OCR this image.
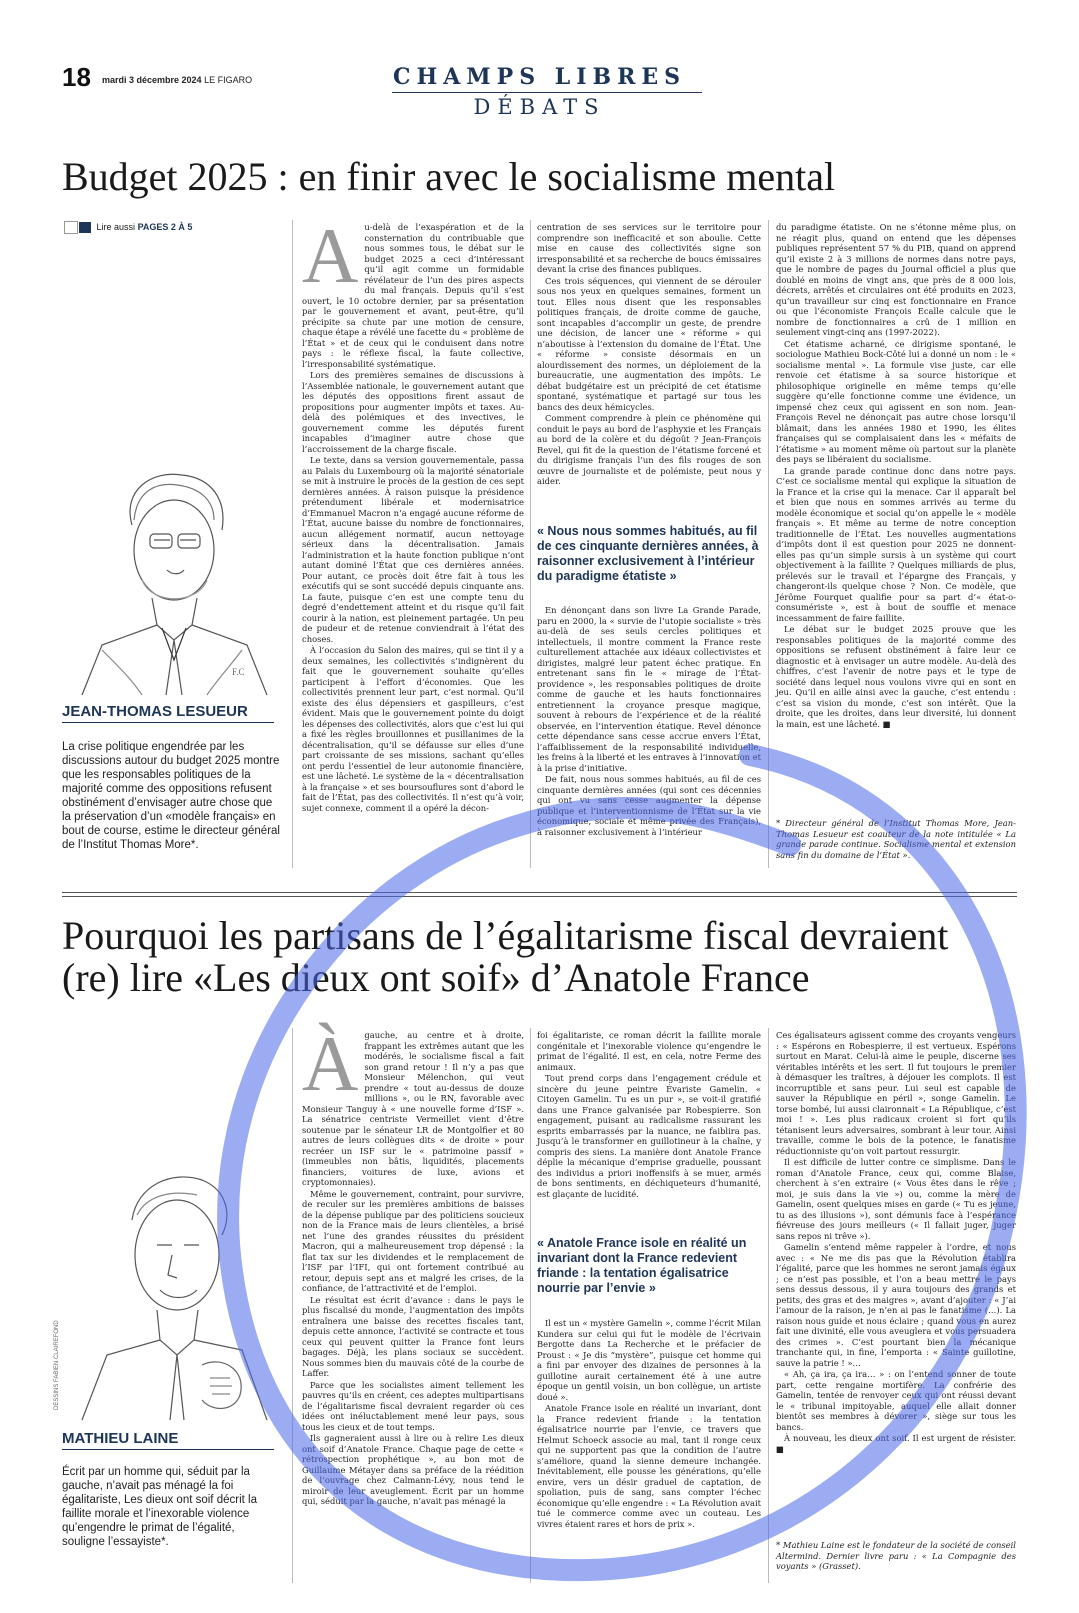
18 mardi 3 décembre 2024 LE FIGARO	CHAMPS LIBRES
DÉBATS
Budget 2025 : en finir avec le socialisme mental
Lire aussi PAGES 2 À 5
F.C
JEAN-THOMAS LESUEUR
La crise politique engendrée par les discussions autour du budget 2025 montre que les responsables politiques de la majorité comme des oppositions refusent obstinément d’envisager autre chose que la préservation d’un «modèle français» en bout de course, estime le directeur général de l’Institut Thomas More*.
A u-delà de l’exaspération et de la consternation du contribuable que nous sommes tous, le débat sur le budget 2025 a ceci d’intéressant qu’il agit comme un formidable révélateur de l’un des pires aspects du mal français. Depuis qu’il s’est ouvert, le 10 octobre dernier, par sa présentation par le gouvernement et avant, peut-être, qu’il précipite sa chute par une motion de censure, chaque étape a révélé une facette du « problème de l’État » et de ceux qui le conduisent dans notre pays : le réflexe fiscal, la faute collective, l’irresponsabilité systématique.

Lors des premières semaines de discussions à l’Assemblée nationale, le gouvernement autant que les députés des oppositions firent assaut de propositions pour augmenter impôts et taxes. Au-delà des polémiques et des invectives, le gouvernement comme les députés furent incapables d’imaginer autre chose que l’accroissement de la charge fiscale.

Le texte, dans sa version gouvernementale, passa au Palais du Luxembourg où la majorité sénatoriale se mit à instruire le procès de la gestion de ces sept dernières années. À raison puisque la présidence prétendument libérale et modernisatrice d’Emmanuel Macron n’a engagé aucune réforme de l’État, aucune baisse du nombre de fonctionnaires, aucun allégement normatif, aucun nettoyage sérieux dans la décentralisation. Jamais l’administration et la haute fonction publique n’ont autant dominé l’État que ces dernières années. Pour autant, ce procès doit être fait à tous les exécutifs qui se sont succédé depuis cinquante ans. La faute, puisque c’en est une compte tenu du degré d’endettement atteint et du risque qu’il fait courir à la nation, est pleinement partagée. Un peu de pudeur et de retenue conviendrait à l’état des choses.

À l’occasion du Salon des maires, qui se tint il y a deux semaines, les collectivités s’indignèrent du fait que le gouvernement souhaite qu’elles participent à l’effort d’économies. Que les collectivités prennent leur part, c’est normal. Qu’il existe des élus dépensiers et gaspilleurs, c’est évident. Mais que le gouvernement pointe du doigt les dépenses des collectivités, alors que c’est lui qui a fixé les règles brouillonnes et pusillanimes de la décentralisation, qu’il se défausse sur elles d’une part croissante de ses missions, sachant qu’elles ont perdu l’essentiel de leur autonomie financière, est une lâcheté. Le système de la « décentralisation à la française » et ses boursouflures sont d’abord le fait de l’État, pas des collectivités. Il n’est qu’à voir, sujet connexe, comment il a opéré la décon-

centration de ses services sur le territoire pour comprendre son inefficacité et son aboulie. Cette mise en cause des collectivités signe son irresponsabilité et sa recherche de boucs émissaires devant la crise des finances publiques.

Ces trois séquences, qui viennent de se dérouler sous nos yeux en quelques semaines, forment un tout. Elles nous disent que les responsables politiques français, de droite comme de gauche, sont incapables d’accomplir un geste, de prendre une décision, de lancer une « réforme » qui n’aboutisse à l’extension du domaine de l’État. Une « réforme » consiste désormais en un alourdissement des normes, un déploiement de la bureaucratie, une augmentation des impôts. Le débat budgétaire est un précipité de cet étatisme spontané, systématique et partagé sur tous les bancs des deux hémicycles.

Comment comprendre à plein ce phénomène qui conduit le pays au bord de l’asphyxie et les Français au bord de la colère et du dégoût ? Jean-François Revel, qui fit de la question de l’étatisme forcené et du dirigisme français l’un des fils rouges de son œuvre de journaliste et de polémiste, peut nous y aider.

« Nous nous sommes habitués, au fil de ces cinquante dernières années, à raisonner exclusivement à l’intérieur du paradigme étatiste »

En dénonçant dans son livre La Grande Parade, paru en 2000, la « survie de l’utopie socialiste » très au-delà de ses seuls cercles politiques et intellectuels, il montre comment la France reste culturellement attachée aux idéaux collectivistes et dirigistes, malgré leur patent échec pratique. En entretenant sans fin le « mirage de l’État-providence », les responsables politiques de droite comme de gauche et les hauts fonctionnaires entretiennent la croyance presque magique, souvent à rebours de l’expérience et de la réalité observée, en l’intervention étatique. Revel dénonce cette dépendance sans cesse accrue envers l’État, l’affaiblissement de la responsabilité individuelle, les freins à la liberté et les entraves à l’innovation et à la prise d’initiative.

De fait, nous nous sommes habitués, au fil de ces cinquante dernières années (qui sont ces décennies qui ont vu sans cesse augmenter la dépense publique et l’interventionnisme de l’État sur la vie économique, sociale et même privée des Français), à raisonner exclusivement à l’intérieur

du paradigme étatiste. On ne s’étonne même plus, on ne réagit plus, quand on entend que les dépenses publiques représentent 57 % du PIB, quand on apprend qu’il existe 2 à 3 millions de normes dans notre pays, que le nombre de pages du Journal officiel a plus que doublé en moins de vingt ans, que près de 8 000 lois, décrets, arrêtés et circulaires ont été produits en 2023, qu’un travailleur sur cinq est fonctionnaire en France ou que l’économiste François Ecalle calcule que le nombre de fonctionnaires a crû de 1 million en seulement vingt-cinq ans (1997-2022).

Cet étatisme acharné, ce dirigisme spontané, le sociologue Mathieu Bock-Côté lui a donné un nom : le « socialisme mental ». La formule vise juste, car elle renvoie cet étatisme à sa source historique et philosophique originelle en même temps qu’elle suggère qu’elle fonctionne comme une évidence, un impensé chez ceux qui agissent en son nom. Jean-François Revel ne dénonçait pas autre chose lorsqu’il blâmait, dans les années 1980 et 1990, les élites françaises qui se complaisaient dans les « méfaits de l’étatisme » au moment même où partout sur la planète des pays se libéraient du socialisme.

La grande parade continue donc dans notre pays. C’est ce socialisme mental qui explique la situation de la France et la crise qui la menace. Car il apparaît bel et bien que nous en sommes arrivés au terme du modèle économique et social qu’on appelle le « modèle français ». Et même au terme de notre conception traditionnelle de l’État. Les nouvelles augmentations d’impôts dont il est question pour 2025 ne donnent-elles pas qu’un simple sursis à un système qui court objectivement à la faillite ? Quelques milliards de plus, prélevés sur le travail et l’épargne des Français, y changeront-ils quelque chose ? Non. Ce modèle, que Jérôme Fourquet qualifie pour sa part d’« état-o-consumériste », est à bout de souffle et menace incessamment de faire faillite.

Le débat sur le budget 2025 prouve que les responsables politiques de la majorité comme des oppositions se refusent obstinément à faire leur ce diagnostic et à envisager un autre modèle. Au-delà des chiffres, c’est l’avenir de notre pays et le type de société dans lequel nous voulons vivre qui en sont en jeu. Qu’il en aille ainsi avec la gauche, c’est entendu : c’est sa vision du monde, c’est son intérêt. Que la droite, que les droites, dans leur diversité, lui donnent la main, est une lâcheté. ■

* Directeur général de l’Institut Thomas More, Jean-Thomas Lesueur est coauteur de la note intitulée « La grande parade continue. Socialisme mental et extension sans fin du domaine de l’État ».
Pourquoi les partisans de l’égalitarisme fiscal devraient
(re) lire «Les dieux ont soif» d’Anatole France
DESSINS FABIEN CLAIREFOND
MATHIEU LAINE
Écrit par un homme qui, séduit par la gauche, n’avait pas ménagé la foi égalitariste, Les dieux ont soif décrit la faillite morale et l’inexorable violence qu’engendre le primat de l’égalité, souligne l’essayiste*.
À gauche, au centre et à droite, frappant les extrêmes autant que les modérés, le socialisme fiscal a fait son grand retour ! Il n’y a pas que Monsieur Mélenchon, qui veut prendre « tout au-dessus de douze millions », ou le RN, favorable avec Monsieur Tanguy à « une nouvelle forme d’ISF ». La sénatrice centriste Vermeillet vient d’être soutenue par le sénateur LR de Montgolfier et 80 autres de leurs collègues dits « de droite » pour recréer un ISF sur le « patrimoine passif » (immeubles non bâtis, liquidités, placements financiers, voitures de luxe, avions et cryptomonnaies).

Même le gouvernement, contraint, pour survivre, de reculer sur les premières ambitions de baisses de la dépense publique par des politiciens soucieux non de la France mais de leurs clientèles, a brisé net l’une des grandes réussites du président Macron, qui a malheureusement trop dépensé : la flat tax sur les dividendes et le remplacement de l’ISF par l’IFI, qui ont fortement contribué au retour, depuis sept ans et malgré les crises, de la confiance, de l’attractivité et de l’emploi.

Le résultat est écrit d’avance : dans le pays le plus fiscalisé du monde, l’augmentation des impôts entraînera une baisse des recettes fiscales tant, depuis cette annonce, l’activité se contracte et tous ceux qui peuvent quitter la France font leurs bagages. Déjà, les plans sociaux se succèdent. Nous sommes bien du mauvais côté de la courbe de Laffer.

Parce que les socialistes aiment tellement les pauvres qu’ils en créent, ces adeptes multipartisans de l’égalitarisme fiscal devraient regarder où ces idées ont inéluctablement mené leur pays, sous tous les cieux et de tout temps.

Ils gagneraient aussi à lire ou à relire Les dieux ont soif d’Anatole France. Chaque page de cette « rétrospection prophétique », au bon mot de Guillaume Métayer dans sa préface de la réédition de l’ouvrage chez Calmann-Lévy, nous tend le miroir de leur aveuglement. Écrit par un homme qui, séduit par la gauche, n’avait pas ménagé la

foi égalitariste, ce roman décrit la faillite morale congénitale et l’inexorable violence qu’engendre le primat de l’égalité. Il est, en cela, notre Ferme des animaux.

Tout prend corps dans l’engagement crédule et sincère du jeune peintre Évariste Gamelin. « Citoyen Gamelin. Tu es un pur », se voit-il gratifié dans une France galvanisée par Robespierre. Son engagement, puisant au radicalisme rassurant les esprits embarrassés par la nuance, ne faiblira pas. Jusqu’à le transformer en guillotineur à la chaîne, y compris des siens. La manière dont Anatole France déplie la mécanique d’emprise graduelle, poussant des individus a priori inoffensifs à se muer, armés de bons sentiments, en déchiqueteurs d’humanité, est glaçante de lucidité.

« Anatole France isole en réalité un invariant dont la France redevient friande : la tentation égalisatrice nourrie par l’envie »

Il est un « mystère Gamelin », comme l’écrit Milan Kundera sur celui qui fut le modèle de l’écrivain Bergotte dans La Recherche et le préfacier de Proust : « Je dis “mystère”, puisque cet homme qui a fini par envoyer des dizaines de personnes à la guillotine aurait certainement été à une autre époque un gentil voisin, un bon collègue, un artiste doué ».

Anatole France isole en réalité un invariant, dont la France redevient friande : la tentation égalisatrice nourrie par l’envie, ce travers que Helmut Schoeck associe au mal, tant il ronge ceux qui ne supportent pas que la condition de l’autre s’améliore, quand la sienne demeure inchangée. Inévitablement, elle pousse les générations, qu’elle envire, vers un désir graduel de captation, de spoliation, puis de sang, sans compter l’échec économique qu’elle engendre : « La Révolution avait tué le commerce comme avec un couteau. Les vivres étaient rares et hors de prix ».

Ces égalisateurs agissent comme des croyants vengeurs : « Espérons en Robespierre, il est vertueux. Espérons surtout en Marat. Celui-là aime le peuple, discerne ses véritables intérêts et les sert. Il fut toujours le premier à démasquer les traîtres, à déjouer les complots. Il est incorruptible et sans peur. Lui seul est capable de sauver la République en péril », songe Gamelin. Le torse bombé, lui aussi claironnait « La République, c’est moi ! ». Les plus radicaux croient si fort qu’ils tétanisent leurs adversaires, sombrant à leur tour. Ainsi travaille, comme le bois de la potence, le fanatisme réductionniste qu’on voit partout ressurgir.

Il est difficile de lutter contre ce simplisme. Dans le roman d’Anatole France, ceux qui, comme Blaise, cherchent à s’en extraire (« Vous êtes dans le rêve ; moi, je suis dans la vie ») ou, comme la mère de Gamelin, osent quelques mises en garde (« Tu es jeune, tu as des illusions »), sont démunis face à l’espérance fiévreuse des jours meilleurs (« Il fallait juger, juger sans repos ni trêve »).

Gamelin s’entend même rappeler à l’ordre, et nous avec : « Ne me dis pas que la Révolution établira l’égalité, parce que les hommes ne seront jamais égaux ; ce n’est pas possible, et l’on a beau mettre le pays sens dessus dessous, il y aura toujours des grands et petits, des gras et des maigres », avant d’ajouter : « J’ai l’amour de la raison, je n’en ai pas le fanatisme (…). La raison nous guide et nous éclaire ; quand vous en aurez fait une divinité, elle vous aveuglera et vous persuadera des crimes ». C’est pourtant bien la mécanique tranchante qui, in fine, l’emporta : « Sainte guillotine, sauve la patrie ! »…

« Ah, ça ira, ça ira… » : on l’entend sonner de toute part, cette rengaine mortifère. La confrérie des Gamelin, tentée de renvoyer ceux qui ont réussi devant le « tribunal impitoyable, auquel elle allait donner bientôt ses membres à dévorer », siège sur tous les bancs.

À nouveau, les dieux ont soif. Il est urgent de résister. ■

* Mathieu Laine est le fondateur de la société de conseil Altermind. Dernier livre paru : « La Compagnie des voyants » (Grasset).
